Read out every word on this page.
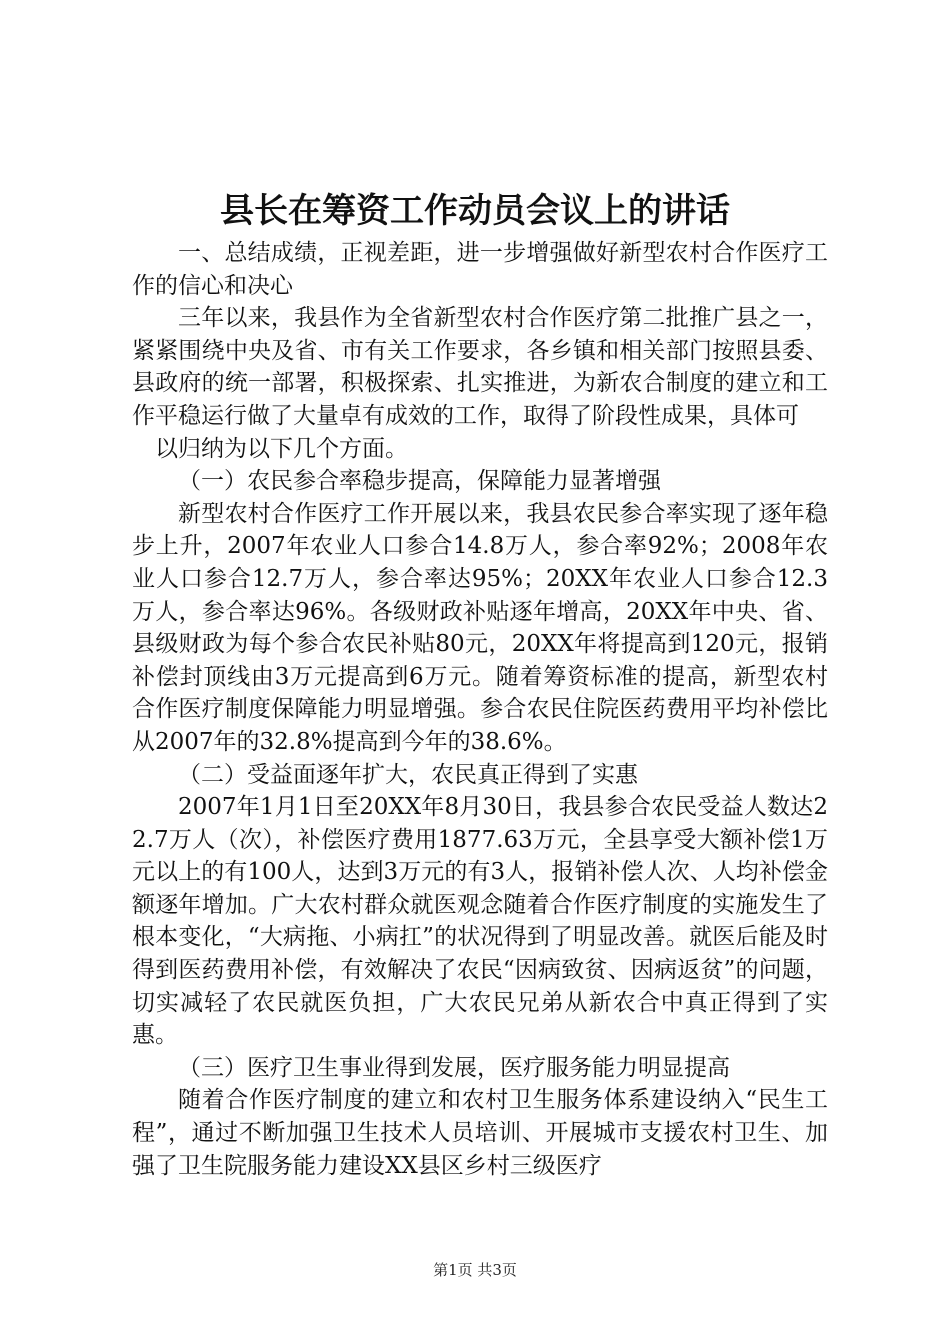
县长在筹资工作动员会议上的讲话

一、总结成绩，正视差距，进一步增强做好新型农村合作医疗工作的信心和决心

三年以来，我县作为全省新型农村合作医疗第二批推广县之一，紧紧围绕中央及省、市有关工作要求，各乡镇和相关部门按照县委、县政府的统一部署，积极探索、扎实推进，为新农合制度的建立和工作平稳运行做了大量卓有成效的工作，取得了阶段性成果，具体可

以归纳为以下几个方面。

（一）农民参合率稳步提高，保障能力显著增强

新型农村合作医疗工作开展以来，我县农民参合率实现了逐年稳步上升，2007年农业人口参合14.8万人，参合率92%；2008年农业人口参合12.7万人，参合率达95%；20XX年农业人口参合12.3万人，参合率达96%。各级财政补贴逐年增高，20XX年中央、省、县级财政为每个参合农民补贴80元，20XX年将提高到120元，报销补偿封顶线由3万元提高到6万元。随着筹资标准的提高，新型农村合作医疗制度保障能力明显增强。参合农民住院医药费用平均补偿比从2007年的32.8%提高到今年的38.6%。

（二）受益面逐年扩大，农民真正得到了实惠

2007年1月1日至20XX年8月30日，我县参合农民受益人数达22.7万人（次），补偿医疗费用1877.63万元，全县享受大额补偿1万元以上的有100人，达到3万元的有3人，报销补偿人次、人均补偿金额逐年增加。广大农村群众就医观念随着合作医疗制度的实施发生了根本变化，“大病拖、小病扛”的状况得到了明显改善。就医后能及时得到医药费用补偿，有效解决了农民“因病致贫、因病返贫”的问题，切实减轻了农民就医负担，广大农民兄弟从新农合中真正得到了实惠。

（三）医疗卫生事业得到发展，医疗服务能力明显提高

随着合作医疗制度的建立和农村卫生服务体系建设纳入“民生工程”，通过不断加强卫生技术人员培训、开展城市支援农村卫生、加强了卫生院服务能力建设XX县区乡村三级医疗

第1页 共3页
